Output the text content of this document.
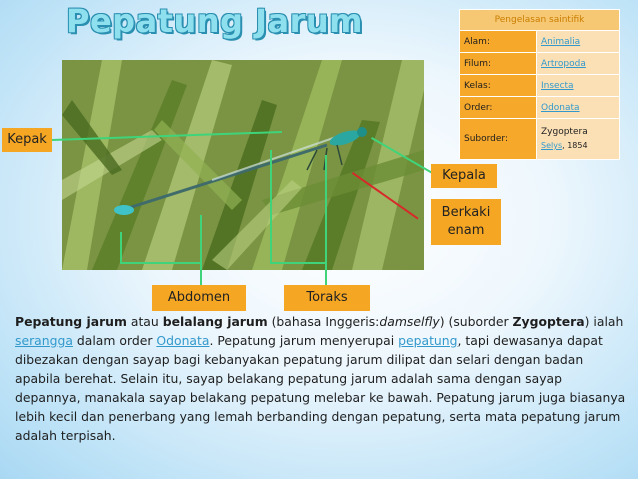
Pepatung Jarum
Kepak
Kepala
Berkaki
enam
Abdomen	Toraks
Pengelasan saintifik	
Alam:	Animalia
Filum:	Artropoda
Kelas:	Insecta
Order:	Odonata
Suborder:	Zygoptera
Selys, 1854
Pepatung jarum atau belalang jarum (bahasa Inggeris:damselfly) (suborder Zygoptera) ialah serangga dalam order Odonata. Pepatung jarum menyerupai pepatung, tapi dewasanya dapat dibezakan dengan sayap bagi kebanyakan pepatung jarum dilipat dan selari dengan badan apabila berehat. Selain itu, sayap belakang pepatung jarum adalah sama dengan sayap depannya, manakala sayap belakang pepatung melebar ke bawah. Pepatung jarum juga biasanya lebih kecil dan penerbang yang lemah berbanding dengan pepatung, serta mata pepatung jarum adalah terpisah.
